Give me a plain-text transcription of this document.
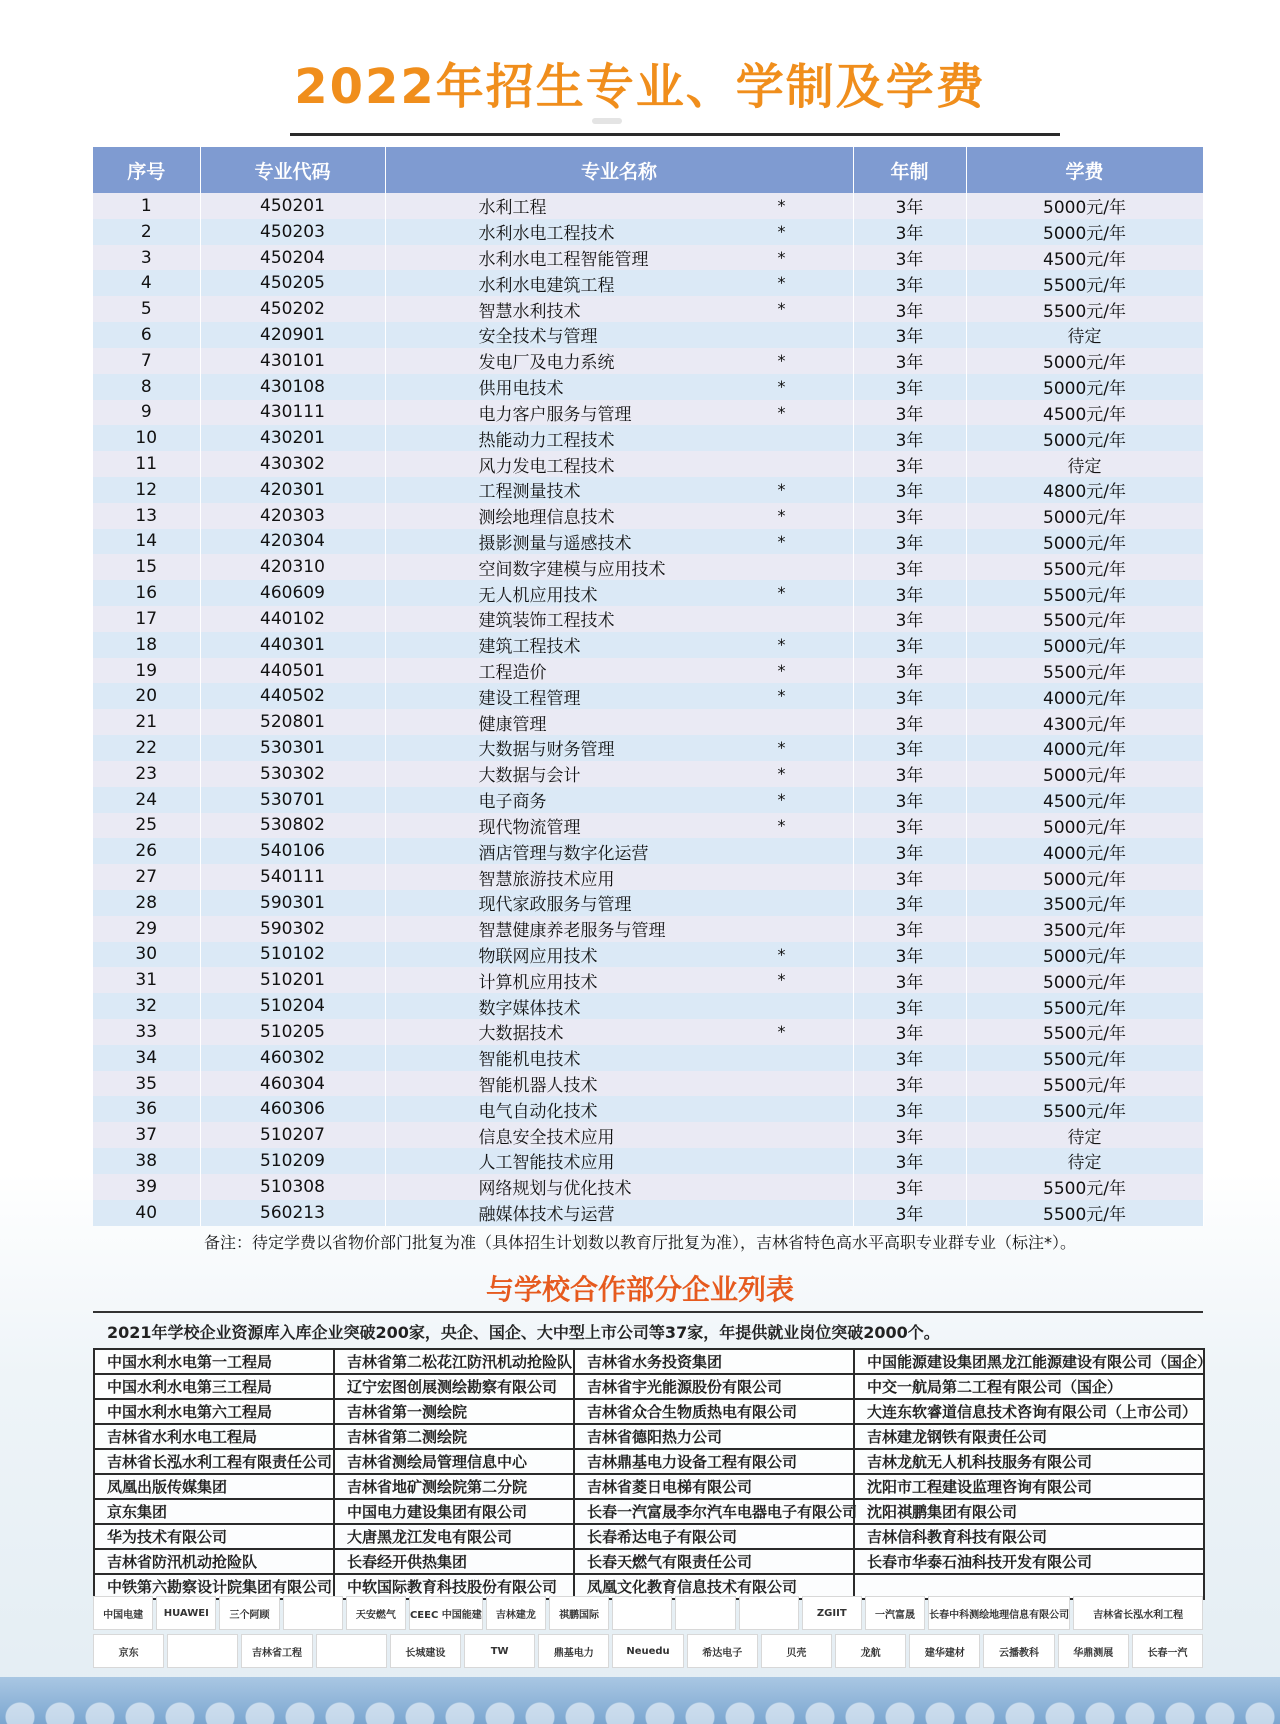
2022年招生专业、学制及学费
序号	专业代码	专业名称	年制	学费
1	450201	水利工程 *	3年	5000元/年
2	450203	水利水电工程技术 *	3年	5000元/年
3	450204	水利水电工程智能管理 *	3年	4500元/年
4	450205	水利水电建筑工程 *	3年	5500元/年
5	450202	智慧水利技术 *	3年	5500元/年
6	420901	安全技术与管理	3年	待定
7	430101	发电厂及电力系统 *	3年	5000元/年
8	430108	供用电技术 *	3年	5000元/年
9	430111	电力客户服务与管理 *	3年	4500元/年
10	430201	热能动力工程技术	3年	5000元/年
11	430302	风力发电工程技术	3年	待定
12	420301	工程测量技术 *	3年	4800元/年
13	420303	测绘地理信息技术 *	3年	5000元/年
14	420304	摄影测量与遥感技术 *	3年	5000元/年
15	420310	空间数字建模与应用技术	3年	5500元/年
16	460609	无人机应用技术 *	3年	5500元/年
17	440102	建筑装饰工程技术	3年	5500元/年
18	440301	建筑工程技术 *	3年	5000元/年
19	440501	工程造价 *	3年	5500元/年
20	440502	建设工程管理 *	3年	4000元/年
21	520801	健康管理	3年	4300元/年
22	530301	大数据与财务管理 *	3年	4000元/年
23	530302	大数据与会计 *	3年	5000元/年
24	530701	电子商务 *	3年	4500元/年
25	530802	现代物流管理 *	3年	5000元/年
26	540106	酒店管理与数字化运营	3年	4000元/年
27	540111	智慧旅游技术应用	3年	5000元/年
28	590301	现代家政服务与管理	3年	3500元/年
29	590302	智慧健康养老服务与管理	3年	3500元/年
30	510102	物联网应用技术 *	3年	5000元/年
31	510201	计算机应用技术 *	3年	5000元/年
32	510204	数字媒体技术	3年	5500元/年
33	510205	大数据技术 *	3年	5500元/年
34	460302	智能机电技术	3年	5500元/年
35	460304	智能机器人技术	3年	5500元/年
36	460306	电气自动化技术	3年	5500元/年
37	510207	信息安全技术应用	3年	待定
38	510209	人工智能技术应用	3年	待定
39	510308	网络规划与优化技术	3年	5500元/年
40	560213	融媒体技术与运营	3年	5500元/年
备注：待定学费以省物价部门批复为准（具体招生计划数以教育厅批复为准），吉林省特色高水平高职专业群专业（标注*）。
与学校合作部分企业列表
2021年学校企业资源库入库企业突破200家，央企、国企、大中型上市公司等37家，年提供就业岗位突破2000个。
中国水利水电第一工程局	吉林省第二松花江防汛机动抢险队	吉林省水务投资集团	中国能源建设集团黑龙江能源建设有限公司（国企）
中国水利水电第三工程局	辽宁宏图创展测绘勘察有限公司	吉林省宇光能源股份有限公司	中交一航局第二工程有限公司（国企）
中国水利水电第六工程局	吉林省第一测绘院	吉林省众合生物质热电有限公司	大连东软睿道信息技术咨询有限公司（上市公司）
吉林省水利水电工程局	吉林省第二测绘院	吉林省德阳热力公司	吉林建龙钢铁有限责任公司
吉林省长泓水利工程有限责任公司	吉林省测绘局管理信息中心	吉林鼎基电力设备工程有限公司	吉林龙航无人机科技服务有限公司
凤凰出版传媒集团	吉林省地矿测绘院第二分院	吉林省菱日电梯有限公司	沈阳市工程建设监理咨询有限公司
京东集团	中国电力建设集团有限公司	长春一汽富晟李尔汽车电器电子有限公司	沈阳祺鹏集团有限公司
华为技术有限公司	大唐黑龙江发电有限公司	长春希达电子有限公司	吉林信科教育科技有限公司
吉林省防汛机动抢险队	长春经开供热集团	长春天燃气有限责任公司	长春市华泰石油科技开发有限公司
中铁第六勘察设计院集团有限公司	中软国际教育科技股份有限公司	凤凰文化教育信息技术有限公司	
中国电建	HUAWEI	三个阿顾	天安燃气	CEEC 中国能建	吉林建龙	祺鹏国际	ZGIIT	一汽富晟	长春中科测绘地理信息有限公司	吉林省长泓水利工程
京东	吉林省工程	长城建设	TW	鼎基电力	Neuedu	希达电子	贝壳	龙航	建华建材	云播教科	华鼎测展	长春一汽
